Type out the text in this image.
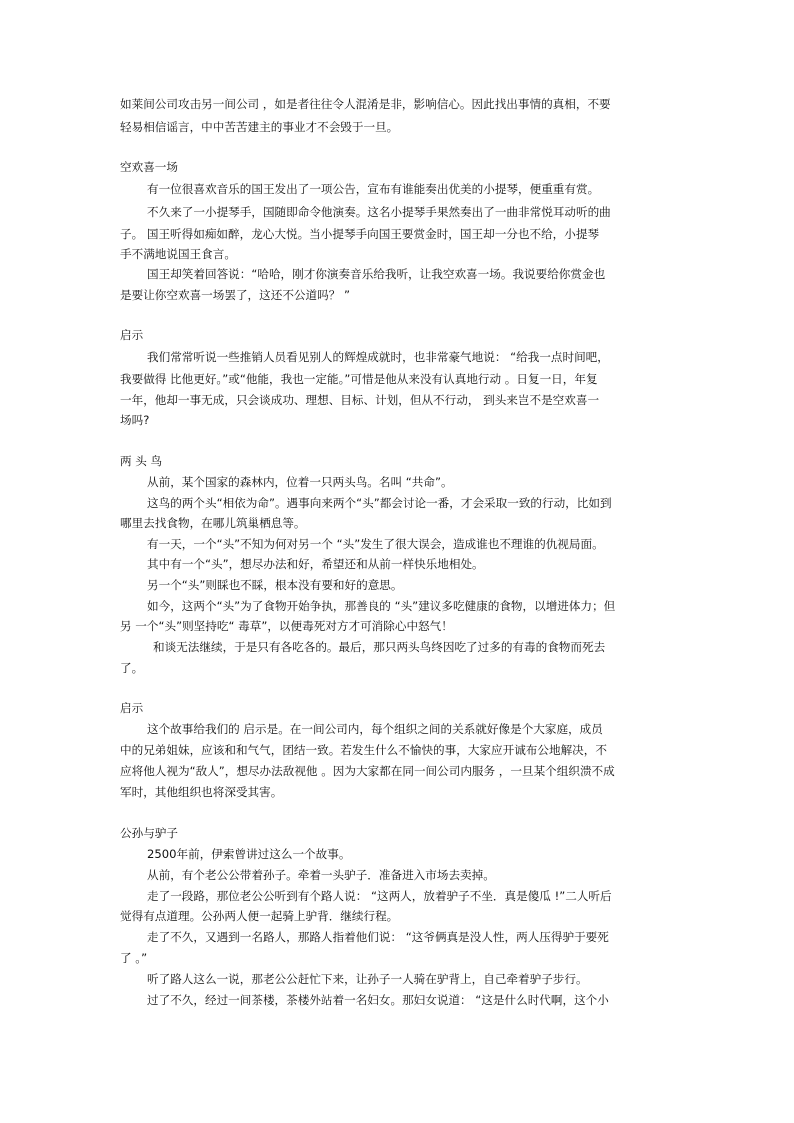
如莱间公司攻击另一间公司 ，如是者往往令人混淆是非，影响信心。因此找出事情的真相，不要

轻易相信谣言，中中苦苦建主的事业才不会毁于一旦。

空欢喜一场

有一位很喜欢音乐的国王发出了一项公告，宣布有谁能奏出优美的小提琴，便重重有赏。

不久来了一小提琴手，国随即命令他演奏。这名小提琴手果然奏出了一曲非常悦耳动听的曲

子。 国王听得如痴如醉，龙心大悦。当小提琴手向国王要赏金时，国王却一分也不给，小提琴

手不满地说国王食言。

国王却笑着回答说：“哈哈，刚才你演奏音乐给我听，让我空欢喜一场。我说要给你赏金也

是要让你空欢喜一场罢了，这还不公道吗？ ”

启示

我们常常听说一些推销人员看见别人的辉煌成就时，也非常豪气地说： “给我一点时间吧，

我要做得 比他更好。”或“他能，我也一定能。”可惜是他从来没有认真地行动 。日复一日，年复

一年，他却一事无成，只会谈成功、理想、目标、计划，但从不行动， 到头来岂不是空欢喜一

场吗?

两 头 鸟

从前，某个国家的森林内，位着一只两头鸟。名叫 “共命”。

这鸟的两个头“相依为命”。遇事向来两个“头”都会讨论一番，才会采取一致的行动，比如到

哪里去找食物，在哪儿筑巢栖息等。

有一天，一个“头”不知为何对另一个 “头”发生了很大误会，造成谁也不理谁的仇视局面。

其中有一个“头”，想尽办法和好，希望还和从前一样快乐地相处。

另一个“头”则睬也不睬，根本没有要和好的意思。

如今，这两个“头”为了食物开始争执，那善良的 “头”建议多吃健康的食物，以增进体力；但

另 一个“头”则坚持吃“ 毒草”，以便毒死对方才可消除心中怒气！

和谈无法继续，于是只有各吃各的。最后，那只两头鸟终因吃了过多的有毒的食物而死去

了。

启示

这个故事给我们的 启示是。在一间公司内，每个组织之间的关系就好像是个大家庭，成员

中的兄弟姐妹，应该和和气气，团结一致。若发生什么不愉快的事，大家应开诚布公地解决，不

应将他人视为“敌人”，想尽办法敌视他 。因为大家都在同一间公司内服务 ，一旦某个组织溃不成

军时，其他组织也将深受其害。

公孙与驴子

2500年前，伊索曾讲过这么一个故事。

从前，有个老公公带着孙子。牵着一头驴子．准备进入市场去卖掉。

走了一段路，那位老公公听到有个路人说： “这两人，放着驴子不坐．真是傻瓜 !”二人听后

觉得有点道理。公孙两人便一起骑上驴背．继续行程。

走了不久，又遇到一名路人，那路人指着他们说： “这爷俩真是没人性，两人压得驴于要死

了 。”

听了路人这么一说，那老公公赶忙下来，让孙子一人骑在驴背上，自己牵着驴子步行。

过了不久，经过一间茶楼，茶楼外站着一名妇女。那妇女说道： “这是什么时代啊，这个小
